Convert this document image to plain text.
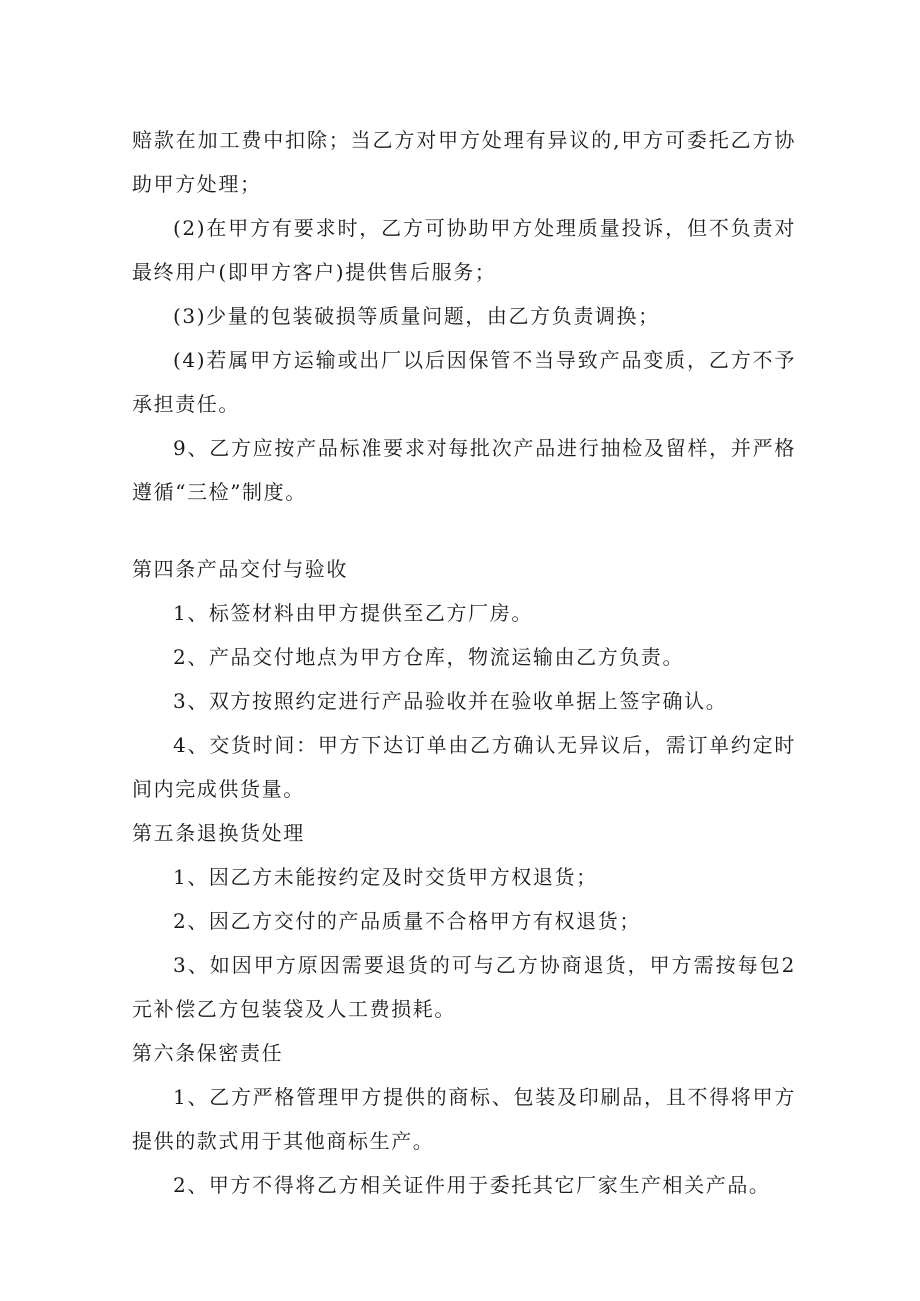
赔款在加工费中扣除；当乙方对甲方处理有异议的,甲方可委托乙方协助甲方处理；

(2)在甲方有要求时，乙方可协助甲方处理质量投诉，但不负责对最终用户(即甲方客户)提供售后服务；

(3)少量的包装破损等质量问题，由乙方负责调换；

(4)若属甲方运输或出厂以后因保管不当导致产品变质，乙方不予承担责任。

9、乙方应按产品标准要求对每批次产品进行抽检及留样，并严格遵循“三检”制度。

第四条产品交付与验收

1、标签材料由甲方提供至乙方厂房。

2、产品交付地点为甲方仓库，物流运输由乙方负责。

3、双方按照约定进行产品验收并在验收单据上签字确认。

4、交货时间：甲方下达订单由乙方确认无异议后，需订单约定时间内完成供货量。

第五条退换货处理

1、因乙方未能按约定及时交货甲方权退货；

2、因乙方交付的产品质量不合格甲方有权退货；

3、如因甲方原因需要退货的可与乙方协商退货，甲方需按每包2元补偿乙方包装袋及人工费损耗。

第六条保密责任

1、乙方严格管理甲方提供的商标、包装及印刷品，且不得将甲方提供的款式用于其他商标生产。

2、甲方不得将乙方相关证件用于委托其它厂家生产相关产品。
